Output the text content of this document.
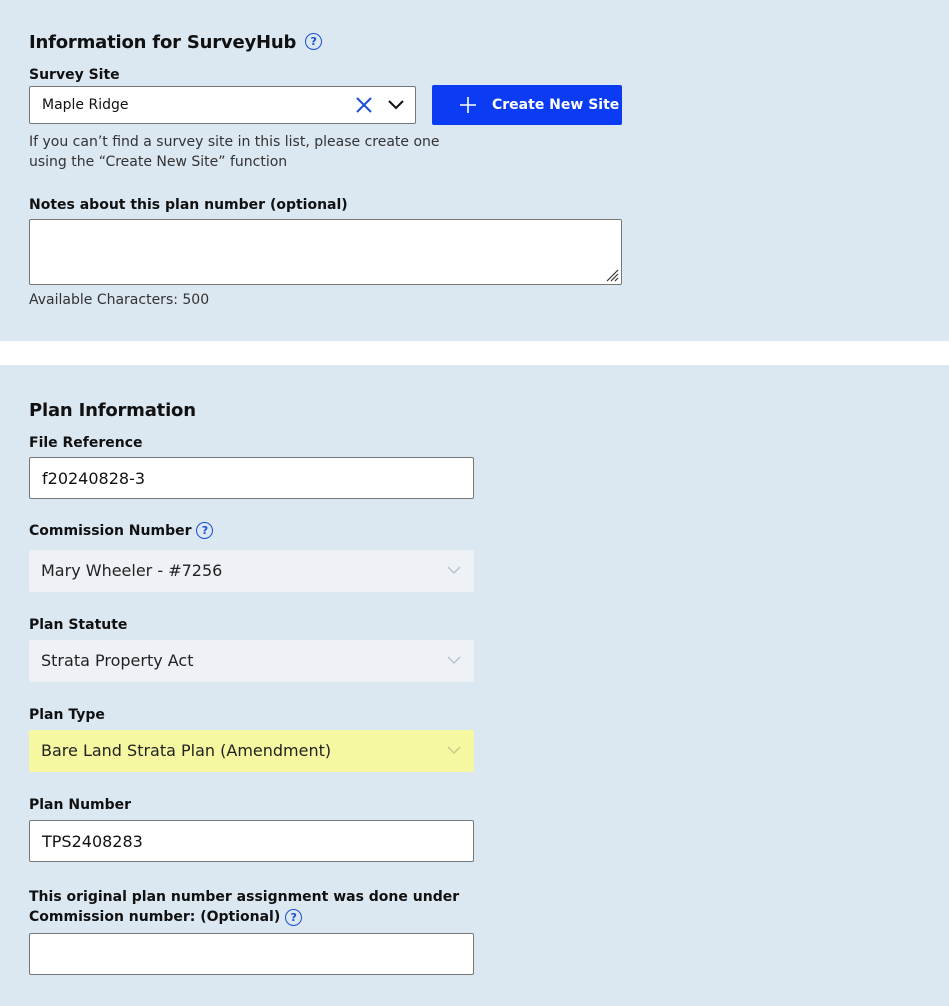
Information for SurveyHub	?
Survey Site
Maple Ridge	Create New Site
If you can’t find a survey site in this list, please create one
using the “Create New Site” function
Notes about this plan number (optional)
Available Characters: 500
Plan Information
File Reference
f20240828-3
Commission Number ?
Mary Wheeler - #7256
Plan Statute
Strata Property Act
Plan Type
Bare Land Strata Plan (Amendment)
Plan Number
TPS2408283
This original plan number assignment was done under
Commission number: (Optional) ?
